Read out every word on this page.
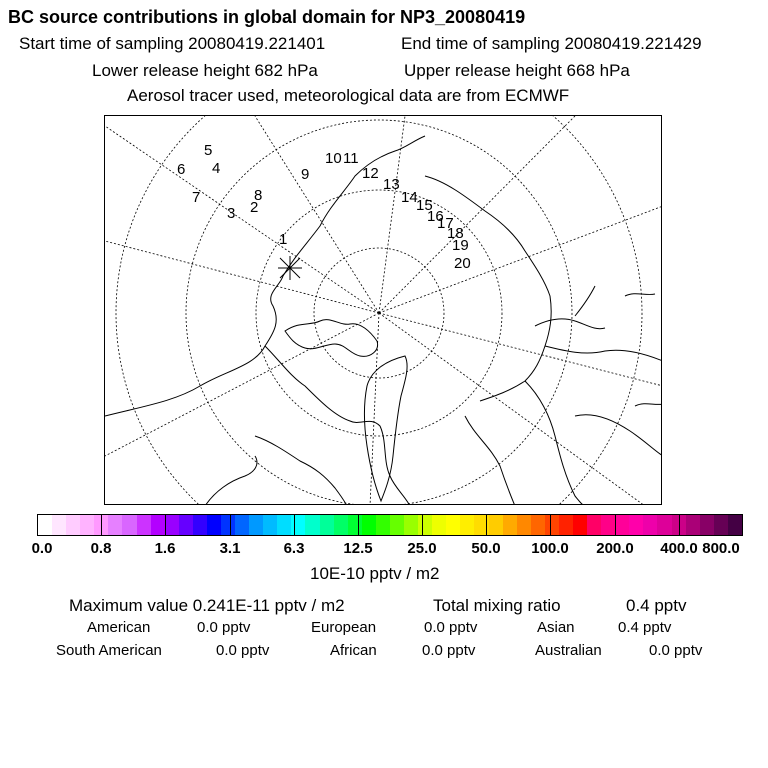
BC source contributions in global domain for NP3_20080419
Start time of sampling 20080419.221401	End time of sampling 20080419.221429
Lower release height 682 hPa	Upper release height 668 hPa
Aerosol tracer used, meteorological data are from ECMWF
1
2
3
4
5
6
7	8
9
10 11
12
13
14
15
16
17
18
19
20
0.0	0.8	1.6	3.1	6.3	12.5 25.0 50.0 100.0 200.0 400.0 800.0
10E-10 pptv / m2
Maximum value 0.241E-11 pptv / m2	Total mixing ratio	0.4 pptv
American	0.0 pptv	European	0.0 pptv	Asian	0.4 pptv
South American	0.0 pptv	African	0.0 pptv	Australian	0.0 pptv
